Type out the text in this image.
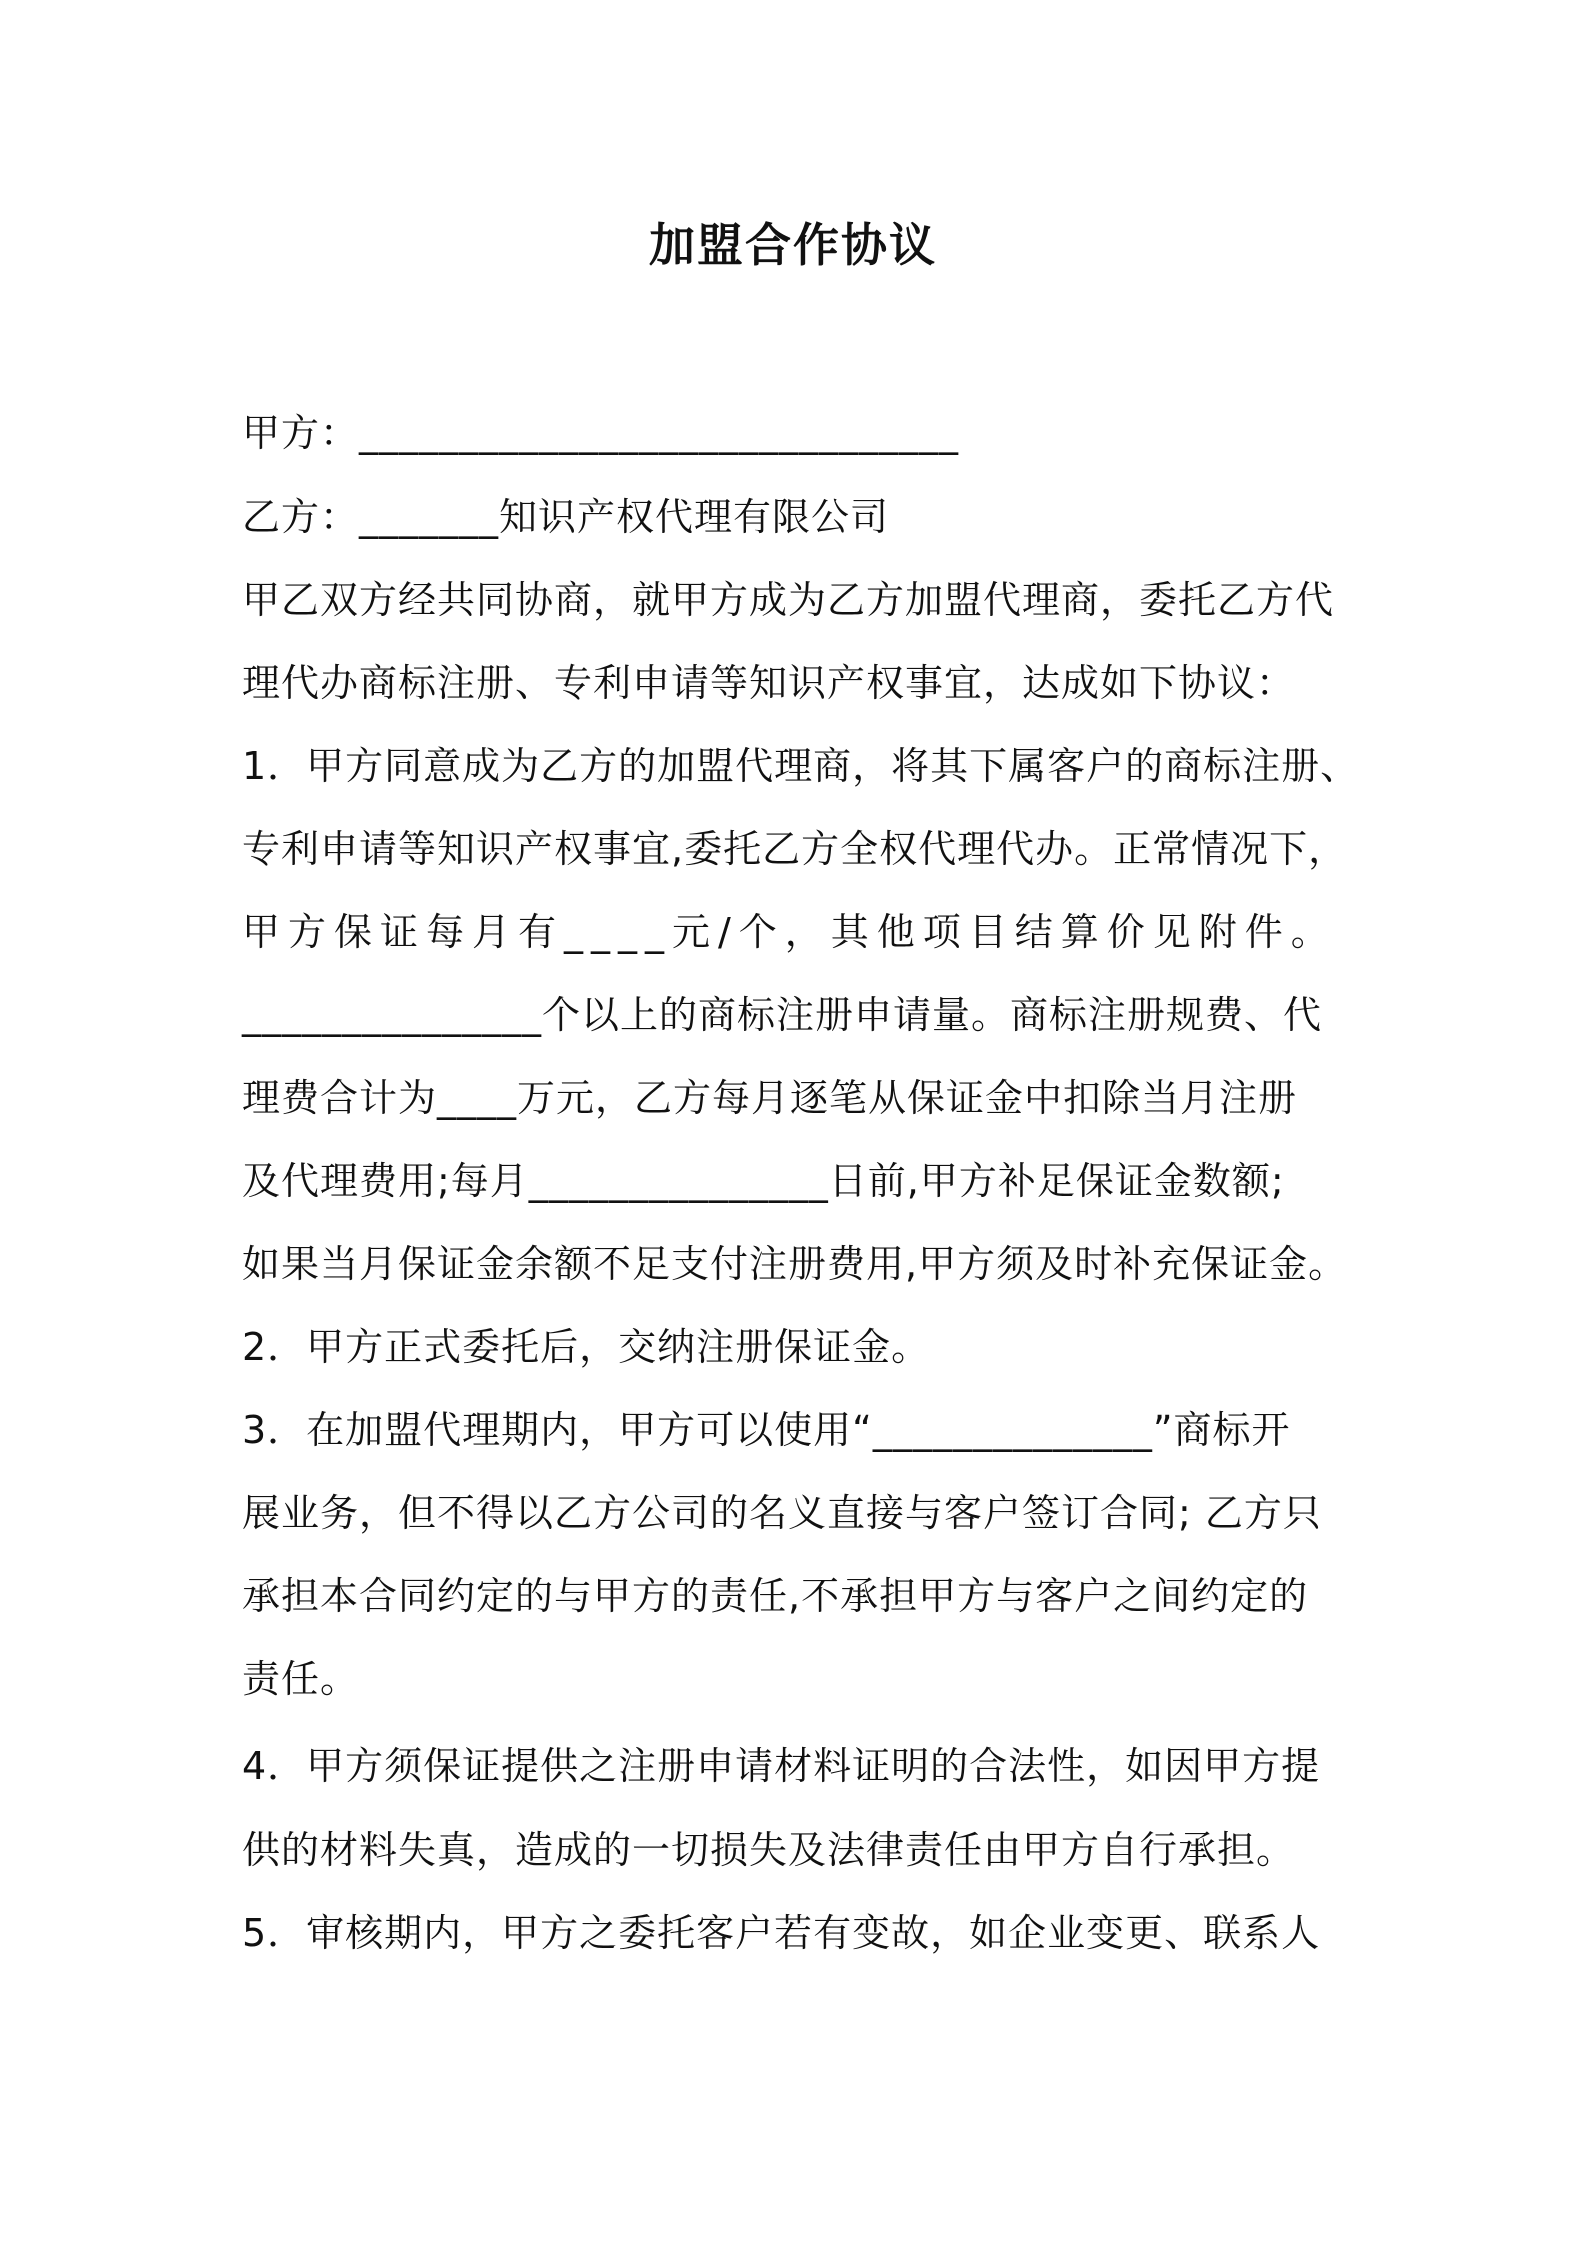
加盟合作协议
甲方：______________________________
乙方：_______知识产权代理有限公司
甲乙双方经共同协商，就甲方成为乙方加盟代理商，委托乙方代
理代办商标注册、专利申请等知识产权事宜，达成如下协议：
1．甲方同意成为乙方的加盟代理商，将其下属客户的商标注册、
专利申请等知识产权事宜,委托乙方全权代理代办。正常情况下，
甲方保证每月有____元/个，其他项目结算价见附件。
_______________个以上的商标注册申请量。商标注册规费、代
理费合计为____万元，乙方每月逐笔从保证金中扣除当月注册
及代理费用;每月_______________日前,甲方补足保证金数额;
如果当月保证金余额不足支付注册费用,甲方须及时补充保证金。
2．甲方正式委托后，交纳注册保证金。
3．在加盟代理期内，甲方可以使用“______________”商标开
展业务，但不得以乙方公司的名义直接与客户签订合同; 乙方只
承担本合同约定的与甲方的责任,不承担甲方与客户之间约定的
责任。
4．甲方须保证提供之注册申请材料证明的合法性，如因甲方提
供的材料失真，造成的一切损失及法律责任由甲方自行承担。
5．审核期内，甲方之委托客户若有变故，如企业变更、联系人
